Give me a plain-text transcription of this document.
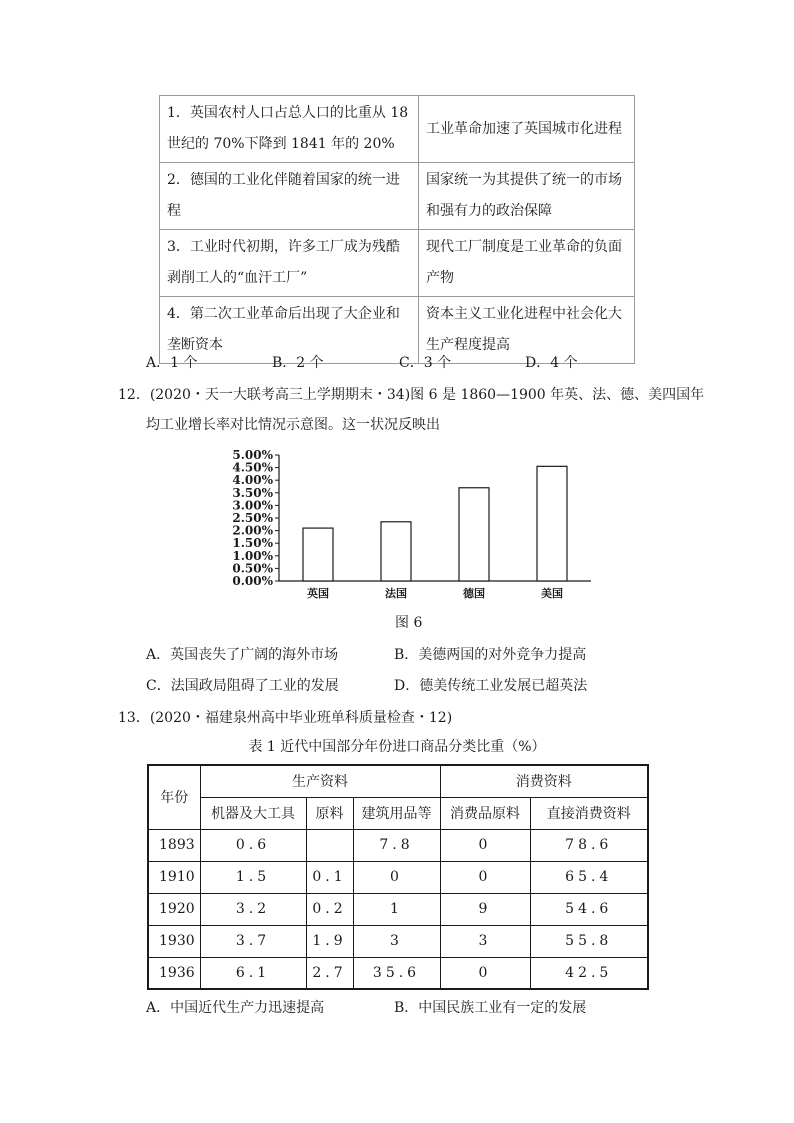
1．英国农村人口占总人口的比重从 18 世纪的 70%下降到 1841 年的 20%	工业革命加速了英国城市化进程
2．德国的工业化伴随着国家的统一进程	国家统一为其提供了统一的市场和强有力的政治保障
3．工业时代初期，许多工厂成为残酷剥削工人的“血汗工厂”	现代工厂制度是工业革命的负面产物
4．第二次工业革命后出现了大企业和垄断资本	资本主义工业化进程中社会化大生产程度提高
A．1 个	B．2 个	C．3 个	D．4 个
12．(2020・天一大联考高三上学期期末・34)图 6 是 1860—1900 年英、法、德、美四国年
均工业增长率对比情况示意图。这一状况反映出
0.00%
0.50%
1.00%
1.50%
2.00%
2.50%
3.00%
3.50%
4.00%
4.50%
5.00%
英国	法国	德国	美国
图 6
A．英国丧失了广阔的海外市场	B．美德两国的对外竞争力提高
C．法国政局阻碍了工业的发展	D．德美传统工业发展已超英法
13．(2020・福建泉州高中毕业班单科质量检查・12)
表 1 近代中国部分年份进口商品分类比重（%）
年份	生产资料			消费资料	
	机器及大工具	原料	建筑用品等	消费品原料	直接消费资料
1893	0.6		7.8	0	78.6
1910	1.5	0.1	0	0	65.4
1920	3.2	0.2	1	9	54.6
1930	3.7	1.9	3	3	55.8
1936	6.1	2.7	35.6	0	42.5
A．中国近代生产力迅速提高	B．中国民族工业有一定的发展
